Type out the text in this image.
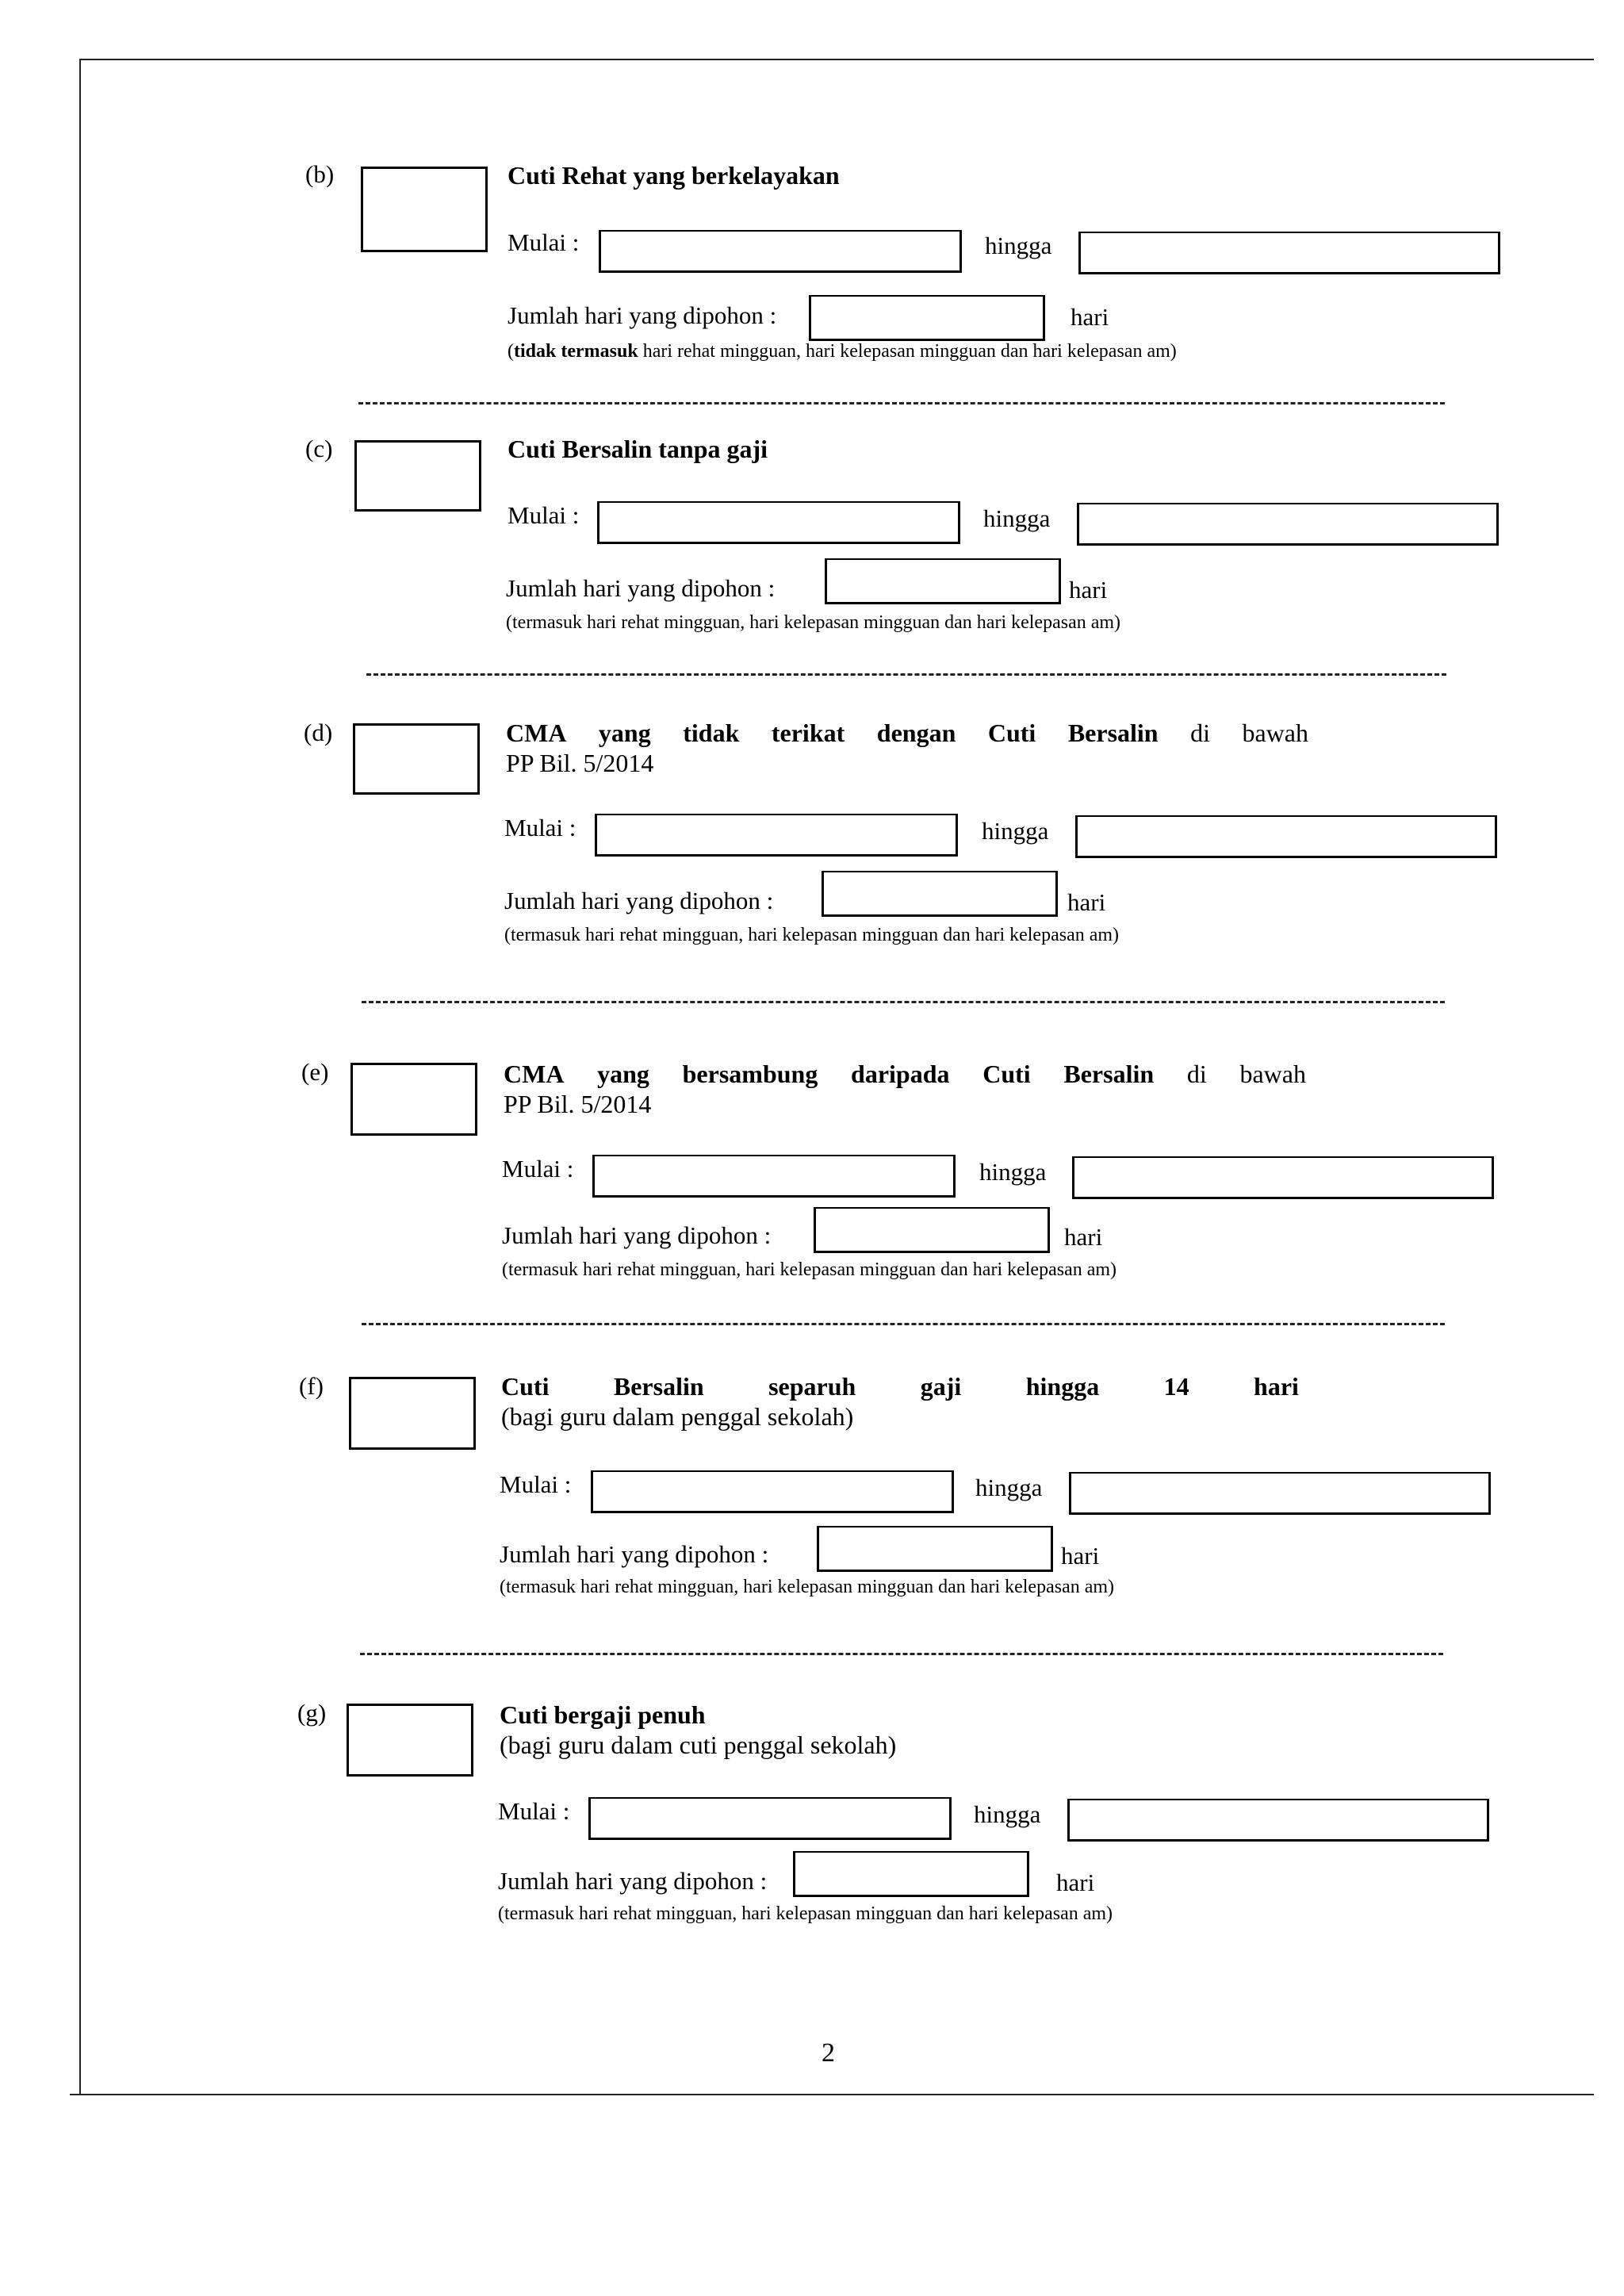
(b)	Cuti Rehat yang berkelayakan
Mulai :	hingga
Jumlah hari yang dipohon :	hari
(tidak termasuk hari rehat mingguan, hari kelepasan mingguan dan hari kelepasan am)
(c)	Cuti Bersalin tanpa gaji
Mulai :	hingga
Jumlah hari yang dipohon :	hari
(termasuk hari rehat mingguan, hari kelepasan mingguan dan hari kelepasan am)
(d)	CMA yang tidak terikat dengan Cuti Bersalin di bawah
PP Bil. 5/2014
Mulai :	hingga
Jumlah hari yang dipohon :	hari
(termasuk hari rehat mingguan, hari kelepasan mingguan dan hari kelepasan am)
(e)	CMA yang bersambung daripada Cuti Bersalin di bawah
PP Bil. 5/2014
Mulai :	hingga
Jumlah hari yang dipohon :	hari
(termasuk hari rehat mingguan, hari kelepasan mingguan dan hari kelepasan am)
(f)	Cuti	Bersalin	separuh	gaji	hingga	14	hari
(bagi guru dalam penggal sekolah)
Mulai :	hingga
Jumlah hari yang dipohon :	hari
(termasuk hari rehat mingguan, hari kelepasan mingguan dan hari kelepasan am)
(g)	Cuti bergaji penuh
(bagi guru dalam cuti penggal sekolah)
Mulai :	hingga
Jumlah hari yang dipohon :	hari
(termasuk hari rehat mingguan, hari kelepasan mingguan dan hari kelepasan am)
2
